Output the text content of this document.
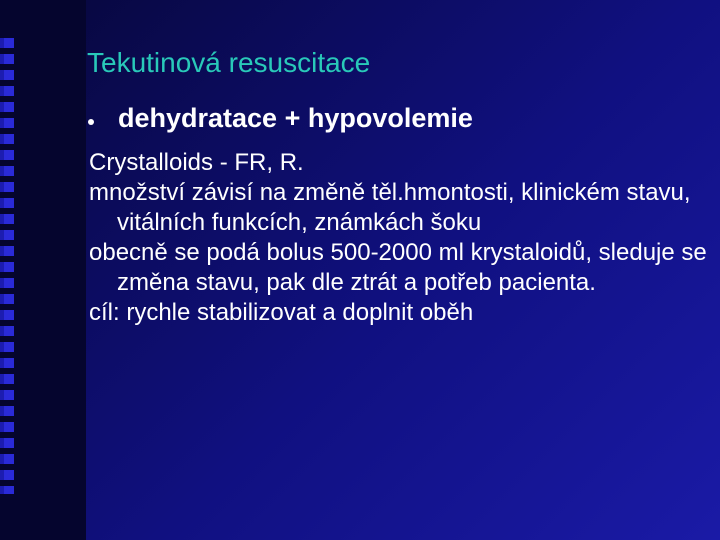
Tekutinová resuscitace
dehydratace + hypovolemie

Crystalloids - FR, R.

množství závisí na změně těl.hmontosti, klinickém stavu, vitálních funkcích, známkách šoku

obecně se podá bolus 500-2000 ml krystaloidů, sleduje se změna stavu, pak dle ztrát a potřeb pacienta.

cíl: rychle stabilizovat a doplnit oběh
